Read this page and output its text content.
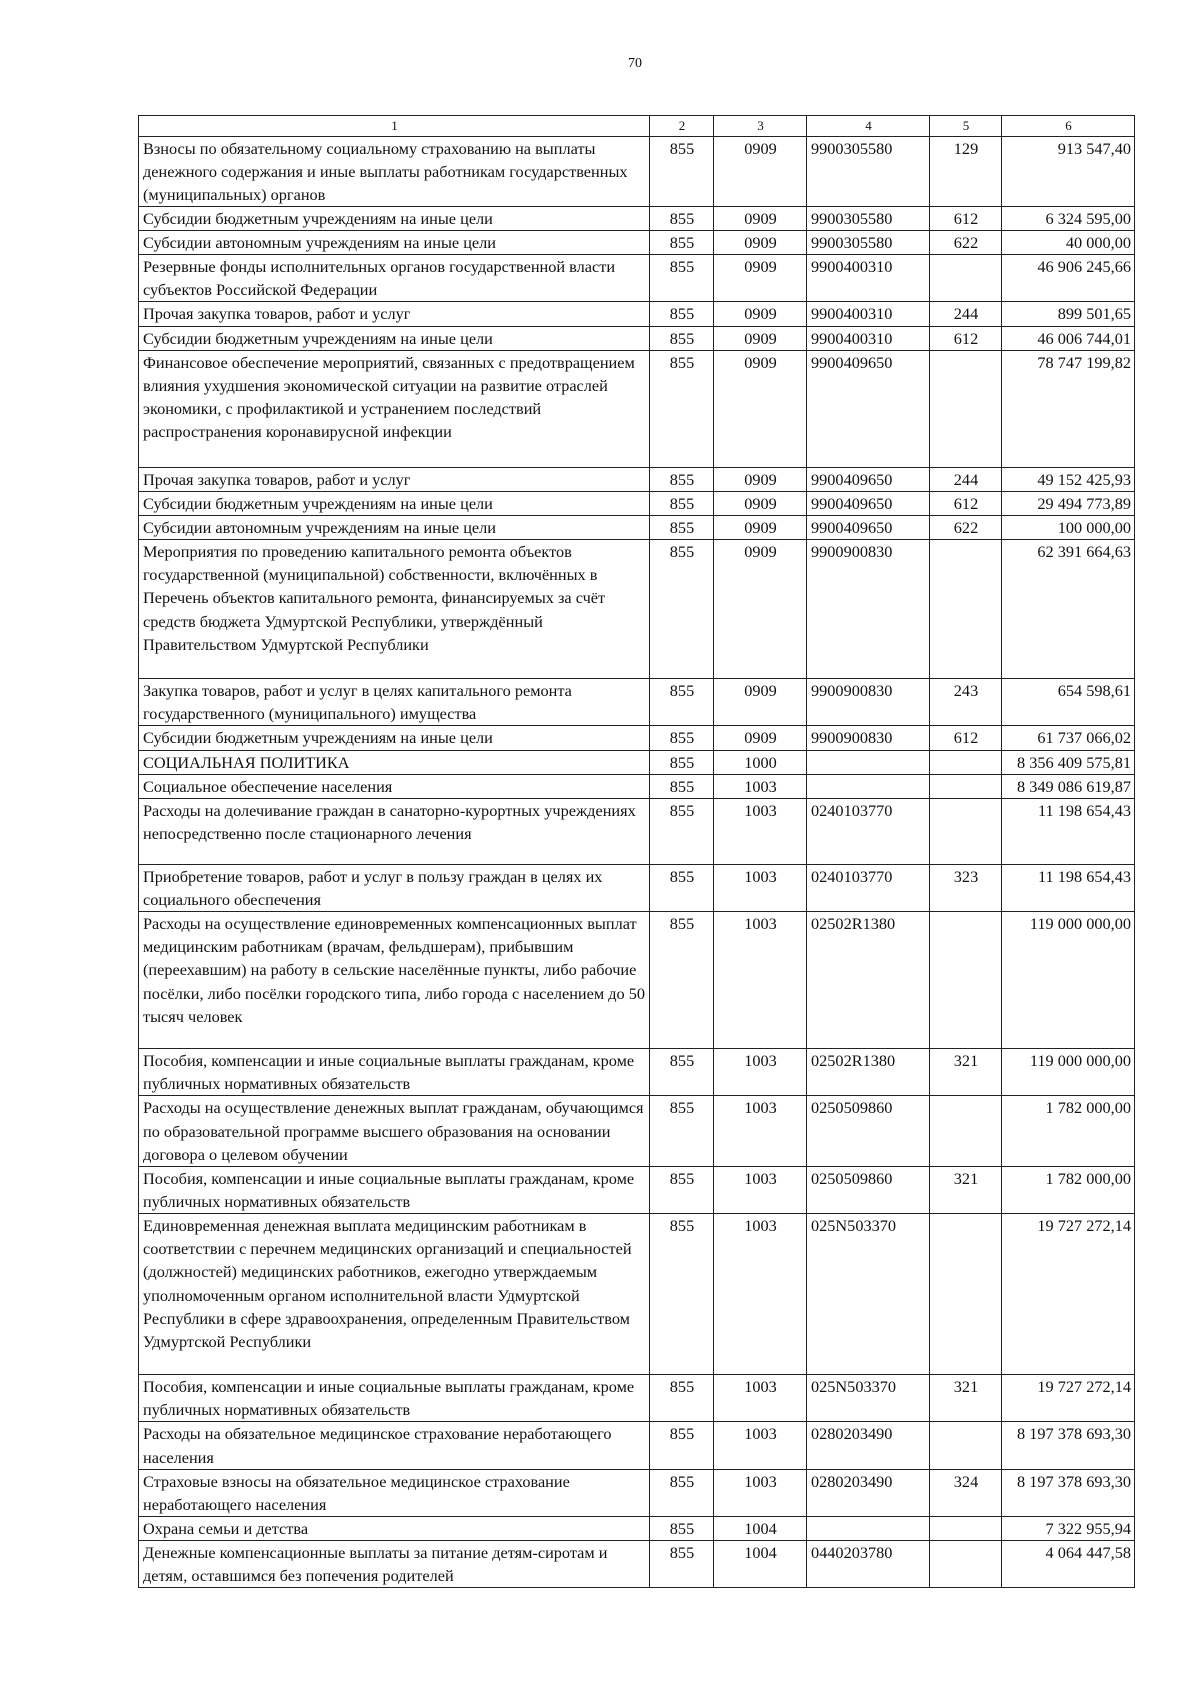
70
1	2	3	4	5	6
Взносы по обязательному социальному страхованию на выплаты денежного содержания и иные выплаты работникам государственных (муниципальных) органов	855	0909	9900305580	129	913 547,40
Субсидии бюджетным учреждениям на иные цели	855	0909	9900305580	612	6 324 595,00
Субсидии автономным учреждениям на иные цели	855	0909	9900305580	622	40 000,00
Резервные фонды исполнительных органов государственной власти субъектов Российской Федерации	855	0909	9900400310		46 906 245,66
Прочая закупка товаров, работ и услуг	855	0909	9900400310	244	899 501,65
Субсидии бюджетным учреждениям на иные цели	855	0909	9900400310	612	46 006 744,01
Финансовое обеспечение мероприятий, связанных с предотвращением влияния ухудшения экономической ситуации на развитие отраслей экономики, с профилактикой и устранением последствий распространения коронавирусной инфекции	855	0909	9900409650		78 747 199,82
Прочая закупка товаров, работ и услуг	855	0909	9900409650	244	49 152 425,93
Субсидии бюджетным учреждениям на иные цели	855	0909	9900409650	612	29 494 773,89
Субсидии автономным учреждениям на иные цели	855	0909	9900409650	622	100 000,00
Мероприятия по проведению капитального ремонта объектов государственной (муниципальной) собственности, включённых в Перечень объектов капитального ремонта, финансируемых за счёт средств бюджета Удмуртской Республики, утверждённый Правительством Удмуртской Республики	855	0909	9900900830		62 391 664,63
Закупка товаров, работ и услуг в целях капитального ремонта государственного (муниципального) имущества	855	0909	9900900830	243	654 598,61
Субсидии бюджетным учреждениям на иные цели	855	0909	9900900830	612	61 737 066,02
СОЦИАЛЬНАЯ ПОЛИТИКА	855	1000			8 356 409 575,81
Социальное обеспечение населения	855	1003			8 349 086 619,87
Расходы на долечивание граждан в санаторно-курортных учреждениях непосредственно после стационарного лечения	855	1003	0240103770		11 198 654,43
Приобретение товаров, работ и услуг в пользу граждан в целях их социального обеспечения	855	1003	0240103770	323	11 198 654,43
Расходы на осуществление единовременных компенсационных выплат медицинским работникам (врачам, фельдшерам), прибывшим (переехавшим) на работу в сельские населённые пункты, либо рабочие посёлки, либо посёлки городского типа, либо города с населением до 50 тысяч человек	855	1003	02502R1380		119 000 000,00
Пособия, компенсации и иные социальные выплаты гражданам, кроме публичных нормативных обязательств	855	1003	02502R1380	321	119 000 000,00
Расходы на осуществление денежных выплат гражданам, обучающимся по образовательной программе высшего образования на основании договора о целевом обучении	855	1003	0250509860		1 782 000,00
Пособия, компенсации и иные социальные выплаты гражданам, кроме публичных нормативных обязательств	855	1003	0250509860	321	1 782 000,00
Единовременная денежная выплата медицинским работникам в соответствии с перечнем медицинских организаций и специальностей (должностей) медицинских работников, ежегодно утверждаемым уполномоченным органом исполнительной власти Удмуртской Республики в сфере здравоохранения, определенным Правительством Удмуртской Республики	855	1003	025N503370		19 727 272,14
Пособия, компенсации и иные социальные выплаты гражданам, кроме публичных нормативных обязательств	855	1003	025N503370	321	19 727 272,14
Расходы на обязательное медицинское страхование неработающего населения	855	1003	0280203490		8 197 378 693,30
Страховые взносы на обязательное медицинское страхование неработающего населения	855	1003	0280203490	324	8 197 378 693,30
Охрана семьи и детства	855	1004			7 322 955,94
Денежные компенсационные выплаты за питание детям-сиротам и детям, оставшимся без попечения родителей	855	1004	0440203780		4 064 447,58
